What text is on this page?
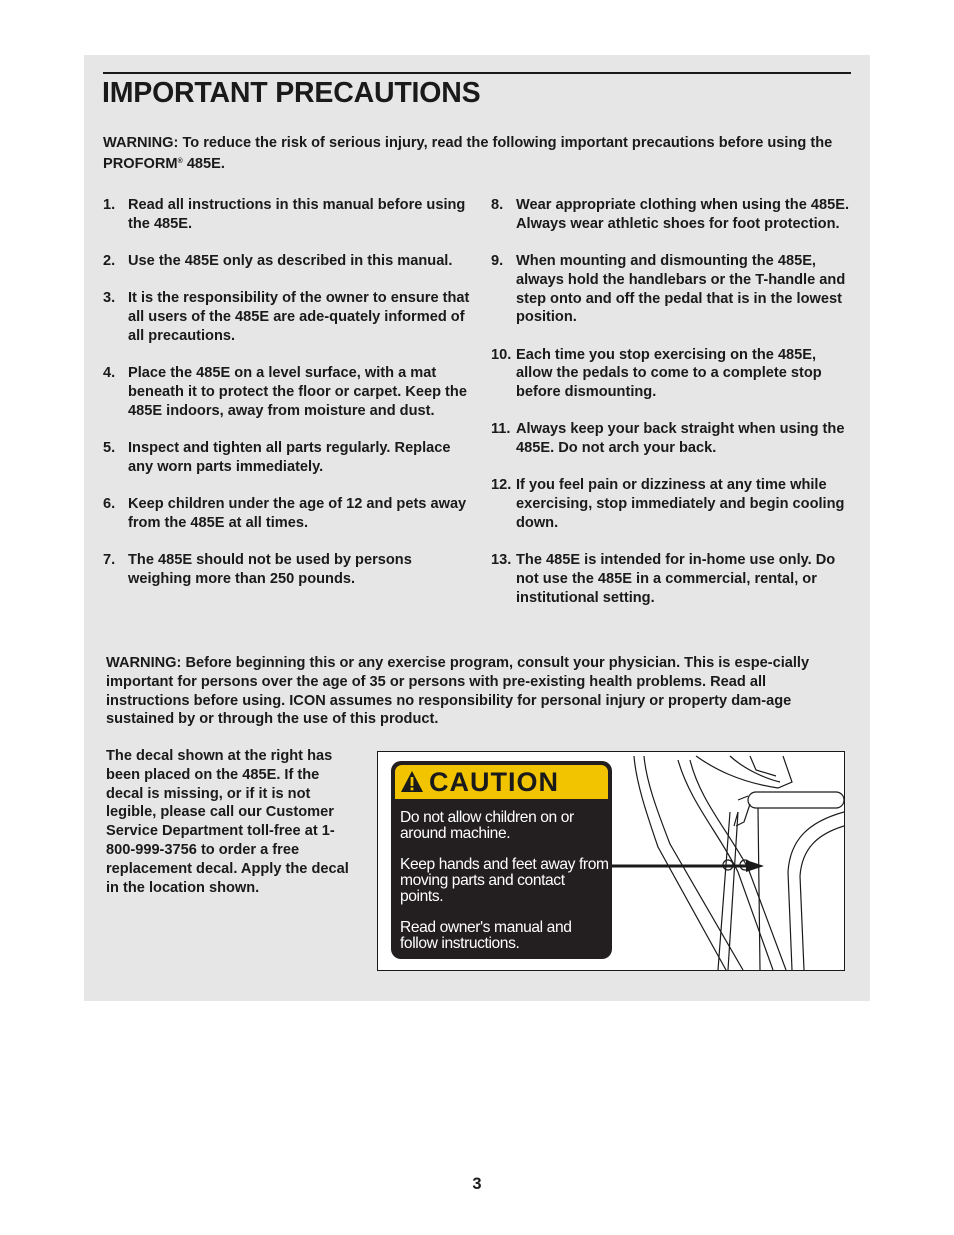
IMPORTANT PRECAUTIONS
WARNING: To reduce the risk of serious injury, read the following important precautions before using the PROFORM® 485E.
1. Read all instructions in this manual before using the 485E.
2. Use the 485E only as described in this manual.
3. It is the responsibility of the owner to ensure that all users of the 485E are ade-quately informed of all precautions.
4. Place the 485E on a level surface, with a mat beneath it to protect the floor or carpet. Keep the 485E indoors, away from moisture and dust.
5. Inspect and tighten all parts regularly. Replace any worn parts immediately.
6. Keep children under the age of 12 and pets away from the 485E at all times.
7. The 485E should not be used by persons weighing more than 250 pounds.
8. Wear appropriate clothing when using the 485E. Always wear athletic shoes for foot protection.
9. When mounting and dismounting the 485E, always hold the handlebars or the T-handle and step onto and off the pedal that is in the lowest position.
10. Each time you stop exercising on the 485E, allow the pedals to come to a complete stop before dismounting.
11. Always keep your back straight when using the 485E. Do not arch your back.
12. If you feel pain or dizziness at any time while exercising, stop immediately and begin cooling down.
13. The 485E is intended for in-home use only. Do not use the 485E in a commercial, rental, or institutional setting.
WARNING: Before beginning this or any exercise program, consult your physician. This is espe-cially important for persons over the age of 35 or persons with pre-existing health problems. Read all instructions before using. ICON assumes no responsibility for personal injury or property dam-age sustained by or through the use of this product.
The decal shown at the right has been placed on the 485E. If the decal is missing, or if it is not legible, please call our Customer Service Department toll-free at 1-800-999-3756 to order a free replacement decal. Apply the decal in the location shown.
CAUTION

Do not allow children on or around machine.

Keep hands and feet away from moving parts and contact points.

Read owner's manual and follow instructions.

3
